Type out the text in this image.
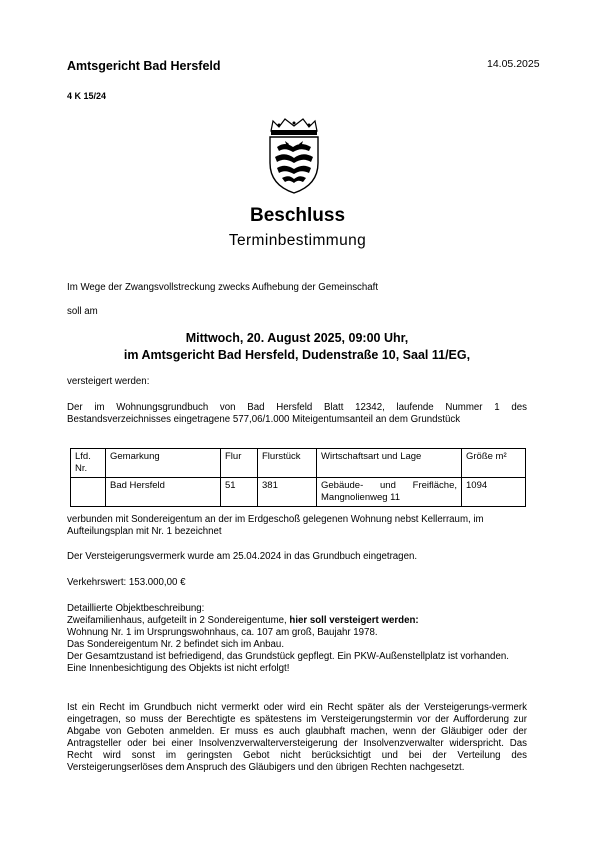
Amtsgericht Bad Hersfeld	14.05.2025
4 K 15/24
Beschluss
Terminbestimmung
Im Wege der Zwangsvollstreckung zwecks Aufhebung der Gemeinschaft
soll am
Mittwoch, 20. August 2025, 09:00 Uhr,
im Amtsgericht Bad Hersfeld, Dudenstraße 10, Saal 11/EG,
versteigert werden:
Der im Wohnungsgrundbuch von Bad Hersfeld Blatt 12342, laufende Nummer 1 des Bestandsverzeichnisses eingetragene 577,06/1.000 Miteigentumsanteil an dem Grundstück
Lfd. Nr.	Gemarkung	Flur	Flurstück	Wirtschaftsart und Lage	Größe m²
	Bad Hersfeld	51	381	Gebäude- und Freifläche, Mangnolienweg 11	1094
verbunden mit Sondereigentum an der im Erdgeschoß gelegenen Wohnung nebst Kellerraum, im Aufteilungsplan mit Nr. 1 bezeichnet
Der Versteigerungsvermerk wurde am 25.04.2024 in das Grundbuch eingetragen.
Verkehrswert: 153.000,00 €
Detaillierte Objektbeschreibung:
Zweifamilienhaus, aufgeteilt in 2 Sondereigentume, hier soll versteigert werden:
Wohnung Nr. 1 im Ursprungswohnhaus, ca. 107 am groß, Baujahr 1978.
Das Sondereigentum Nr. 2 befindet sich im Anbau.
Der Gesamtzustand ist befriedigend, das Grundstück gepflegt. Ein PKW-Außenstellplatz ist vorhanden.
Eine Innenbesichtigung des Objekts ist nicht erfolgt!
Ist ein Recht im Grundbuch nicht vermerkt oder wird ein Recht später als der Versteigerungs-vermerk eingetragen, so muss der Berechtigte es spätestens im Versteigerungstermin vor der Aufforderung zur Abgabe von Geboten anmelden. Er muss es auch glaubhaft machen, wenn der Gläubiger oder der Antragsteller oder bei einer Insolvenzverwalterversteigerung der Insolvenzverwalter widerspricht. Das Recht wird sonst im geringsten Gebot nicht berücksichtigt und bei der Verteilung des Versteigerungserlöses dem Anspruch des Gläubigers und den übrigen Rechten nachgesetzt.
